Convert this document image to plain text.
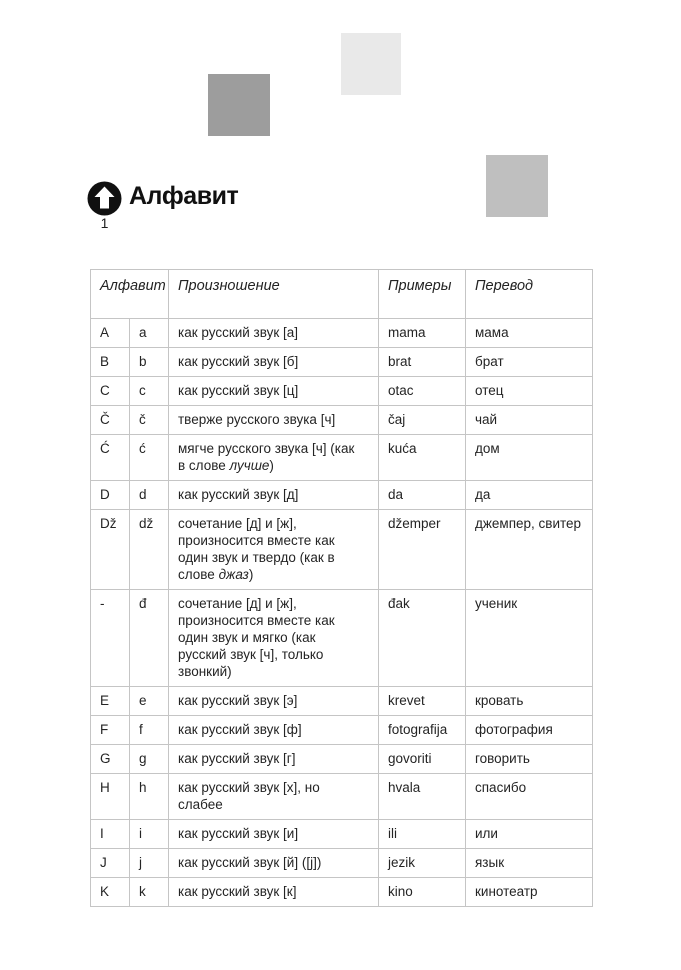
1
Алфавит
Алфавит		Произношение	Примеры	Перевод
A	a	как русский звук [а]	mama	мама
B	b	как русский звук [б]	brat	брат
C	c	как русский звук [ц]	otac	отец
Č	č	тверже русского звука [ч]	čaj	чай
Ć	ć	мягче русского звука [ч] (как в слове лучше)	kuća	дом
D	d	как русский звук [д]	da	да
Dž	dž	сочетание [д] и [ж], произносится вместе как один звук и твердо (как в слове джаз)	džemper	джемпер, свитер
-	đ	сочетание [д] и [ж], произносится вместе как один звук и мягко (как русский звук [ч], только звонкий)	đak	ученик
E	e	как русский звук [э]	krevet	кровать
F	f	как русский звук [ф]	fotografija	фотография
G	g	как русский звук [г]	govoriti	говорить
H	h	как русский звук [х], но слабее	hvala	спасибо
I	i	как русский звук [и]	ili	или
J	j	как русский звук [й] ([j])	jezik	язык
K	k	как русский звук [к]	kino	кинотеатр
